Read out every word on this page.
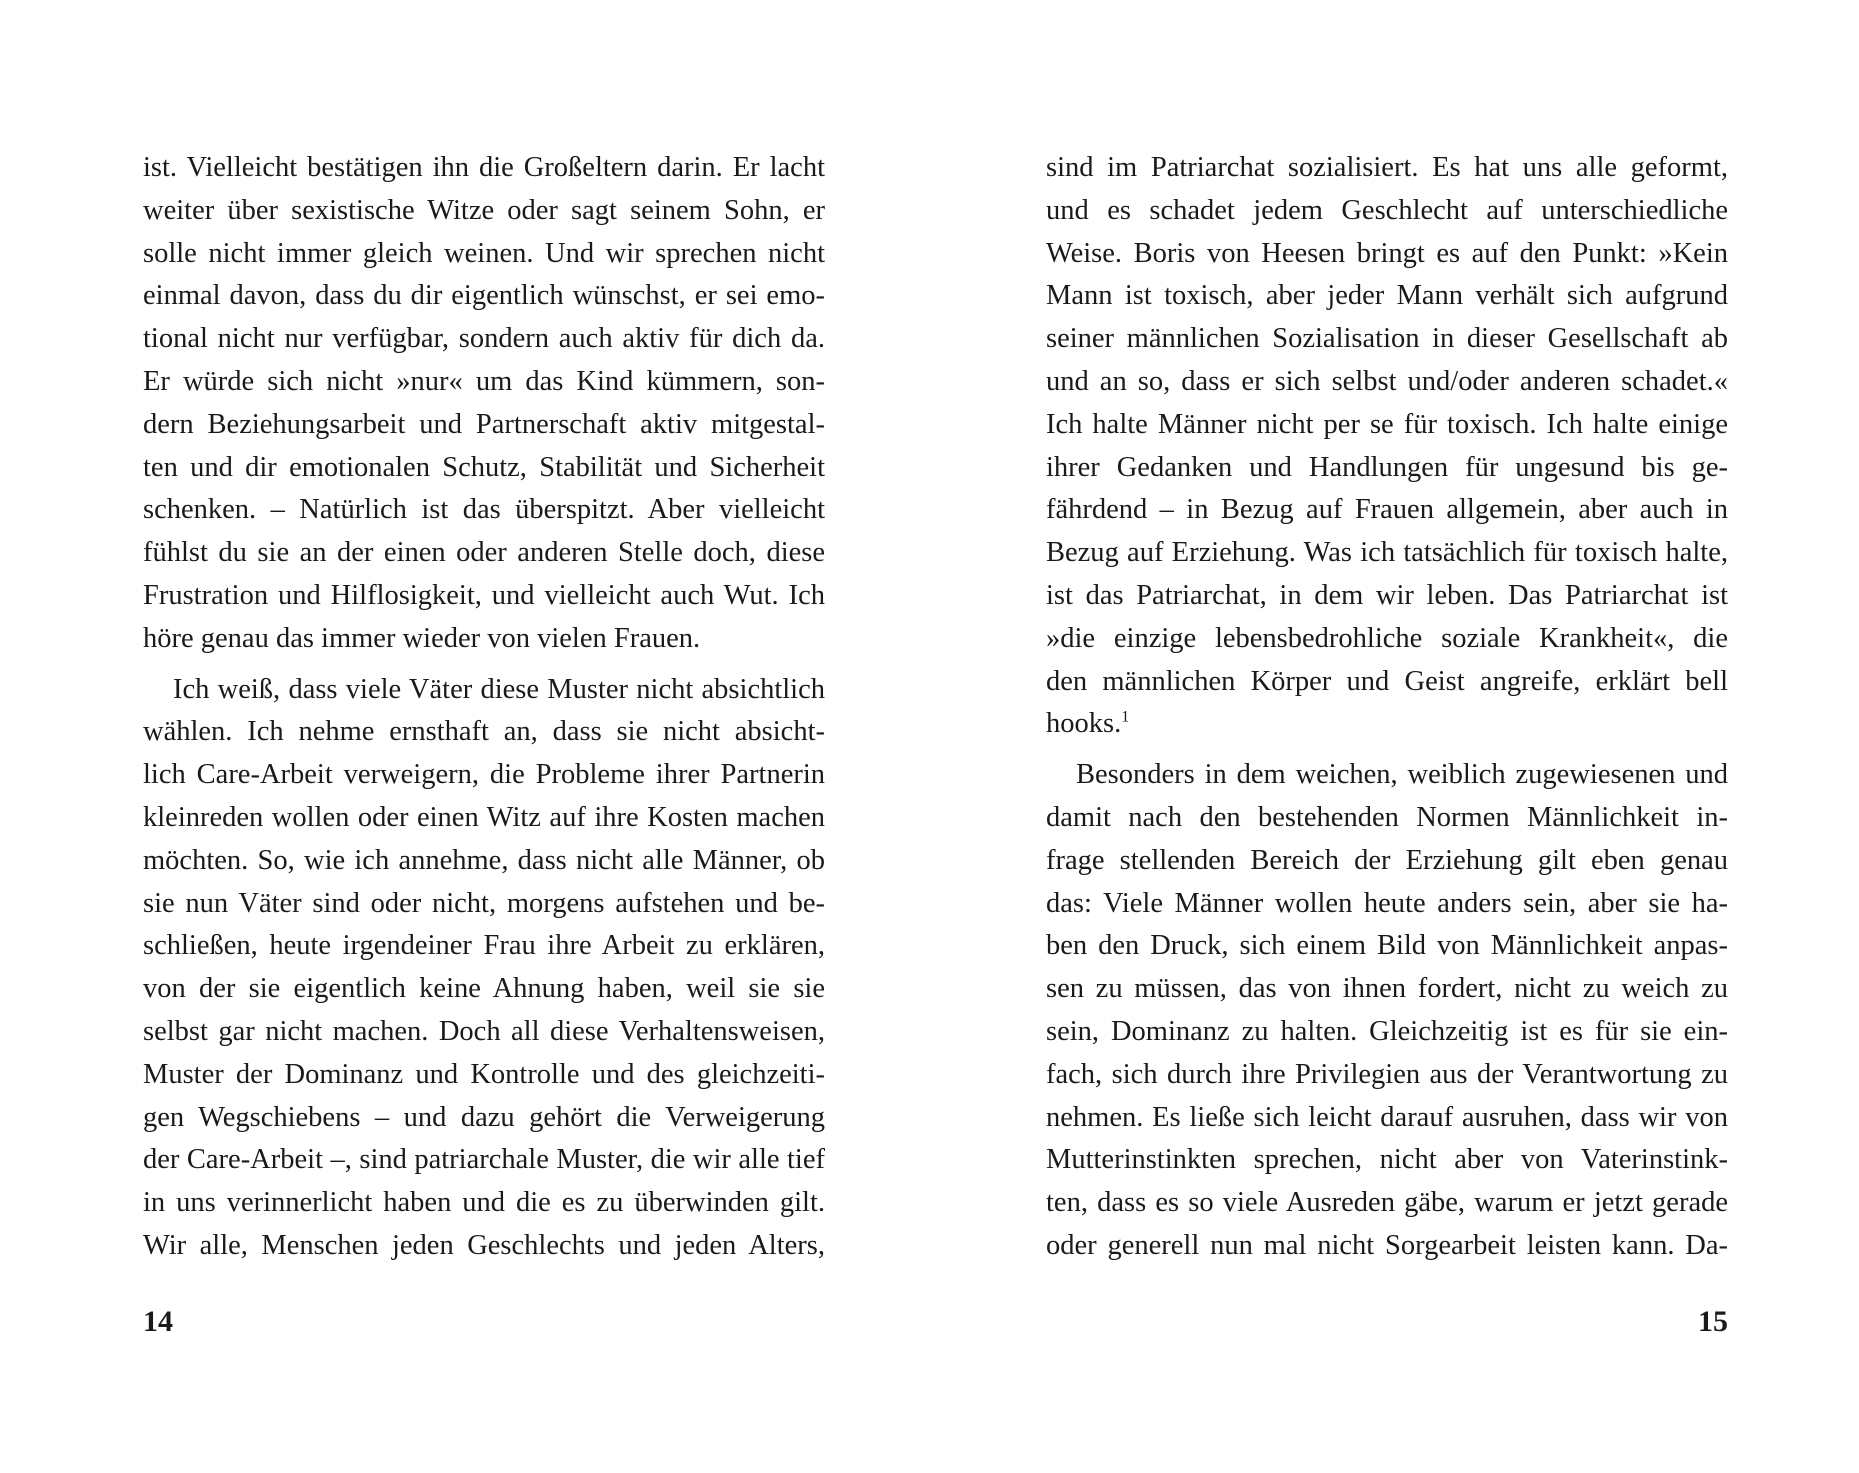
ist. Vielleicht bestätigen ihn die Großeltern darin. Er lacht
weiter über sexistische Witze oder sagt seinem Sohn, er
solle nicht immer gleich weinen. Und wir sprechen nicht
einmal davon, dass du dir eigentlich wünschst, er sei emo-
tional nicht nur verfügbar, sondern auch aktiv für dich da.
Er würde sich nicht »nur« um das Kind kümmern, son-
dern Beziehungsarbeit und Partnerschaft aktiv mitgestal-
ten und dir emotionalen Schutz, Stabilität und Sicherheit
schenken. – Natürlich ist das überspitzt. Aber vielleicht
fühlst du sie an der einen oder anderen Stelle doch, diese
Frustration und Hilflosigkeit, und vielleicht auch Wut. Ich
höre genau das immer wieder von vielen Frauen.
Ich weiß, dass viele Väter diese Muster nicht absichtlich
wählen. Ich nehme ernsthaft an, dass sie nicht absicht-
lich Care-Arbeit verweigern, die Probleme ihrer Partnerin
kleinreden wollen oder einen Witz auf ihre Kosten machen
möchten. So, wie ich annehme, dass nicht alle Männer, ob
sie nun Väter sind oder nicht, morgens aufstehen und be-
schließen, heute irgendeiner Frau ihre Arbeit zu erklären,
von der sie eigentlich keine Ahnung haben, weil sie sie
selbst gar nicht machen. Doch all diese Verhaltensweisen,
Muster der Dominanz und Kontrolle und des gleichzeiti-
gen Wegschiebens – und dazu gehört die Verweigerung
der Care-Arbeit –, sind patriarchale Muster, die wir alle tief
in uns verinnerlicht haben und die es zu überwinden gilt.
Wir alle, Menschen jeden Geschlechts und jeden Alters,
sind im Patriarchat sozialisiert. Es hat uns alle geformt,
und es schadet jedem Geschlecht auf unterschiedliche
Weise. Boris von Heesen bringt es auf den Punkt: »Kein
Mann ist toxisch, aber jeder Mann verhält sich aufgrund
seiner männlichen Sozialisation in dieser Gesellschaft ab
und an so, dass er sich selbst und/oder anderen schadet.«
Ich halte Männer nicht per se für toxisch. Ich halte einige
ihrer Gedanken und Handlungen für ungesund bis ge-
fährdend – in Bezug auf Frauen allgemein, aber auch in
Bezug auf Erziehung. Was ich tatsächlich für toxisch halte,
ist das Patriarchat, in dem wir leben. Das Patriarchat ist
»die einzige lebensbedrohliche soziale Krankheit«, die
den männlichen Körper und Geist angreife, erklärt bell
hooks.$^1$
Besonders in dem weichen, weiblich zugewiesenen und
damit nach den bestehenden Normen Männlichkeit in-
frage stellenden Bereich der Erziehung gilt eben genau
das: Viele Männer wollen heute anders sein, aber sie ha-
ben den Druck, sich einem Bild von Männlichkeit anpas-
sen zu müssen, das von ihnen fordert, nicht zu weich zu
sein, Dominanz zu halten. Gleichzeitig ist es für sie ein-
fach, sich durch ihre Privilegien aus der Verantwortung zu
nehmen. Es ließe sich leicht darauf ausruhen, dass wir von
Mutterinstinkten sprechen, nicht aber von Vaterinstink-
ten, dass es so viele Ausreden gäbe, warum er jetzt gerade
oder generell nun mal nicht Sorgearbeit leisten kann. Da-
14	15
